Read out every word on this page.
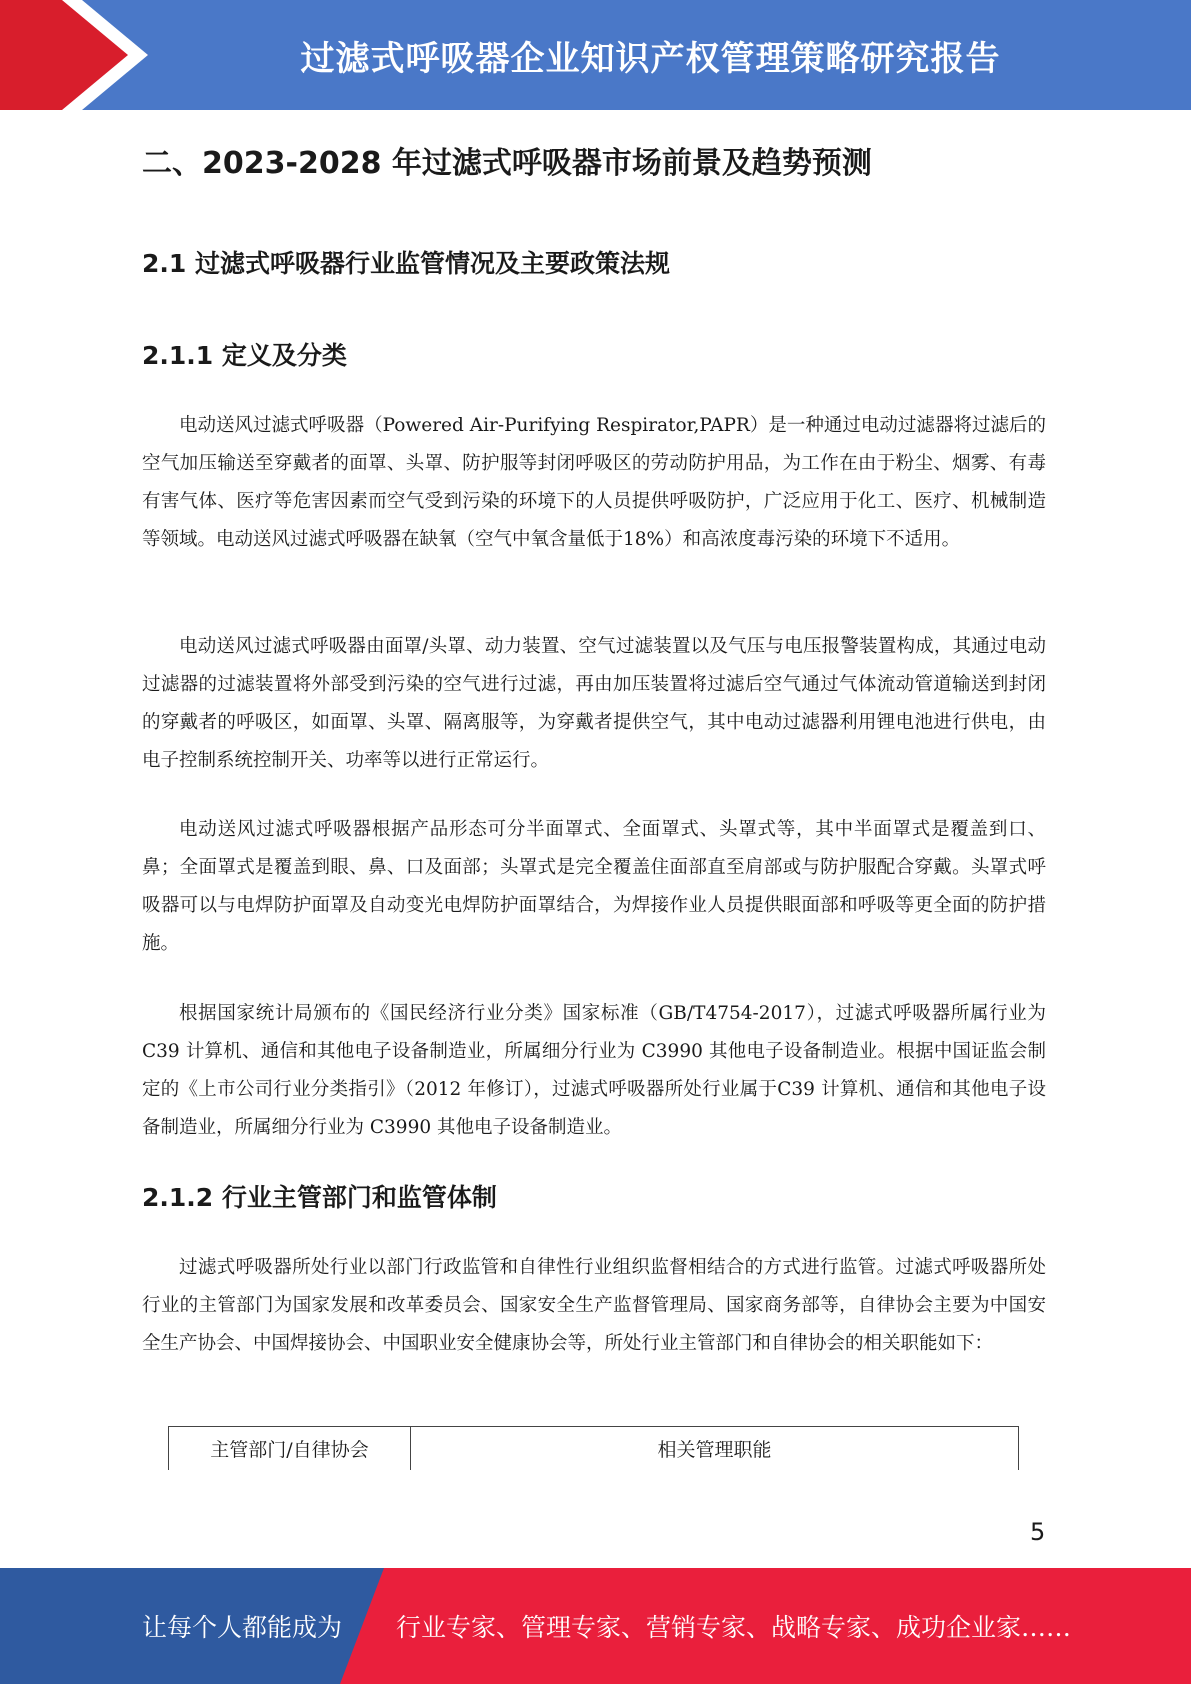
过滤式呼吸器企业知识产权管理策略研究报告
二、2023-2028 年过滤式呼吸器市场前景及趋势预测
2.1 过滤式呼吸器行业监管情况及主要政策法规
2.1.1 定义及分类

电动送风过滤式呼吸器（Powered Air-Purifying Respirator,PAPR）是一种通过电动过滤器将过滤后的空气加压输送至穿戴者的面罩、头罩、防护服等封闭呼吸区的劳动防护用品，为工作在由于粉尘、烟雾、有毒有害气体、医疗等危害因素而空气受到污染的环境下的人员提供呼吸防护，广泛应用于化工、医疗、机械制造等领域。电动送风过滤式呼吸器在缺氧（空气中氧含量低于18%）和高浓度毒污染的环境下不适用。

电动送风过滤式呼吸器由面罩/头罩、动力装置、空气过滤装置以及气压与电压报警装置构成，其通过电动过滤器的过滤装置将外部受到污染的空气进行过滤，再由加压装置将过滤后空气通过气体流动管道输送到封闭的穿戴者的呼吸区，如面罩、头罩、隔离服等，为穿戴者提供空气，其中电动过滤器利用锂电池进行供电，由电子控制系统控制开关、功率等以进行正常运行。

电动送风过滤式呼吸器根据产品形态可分半面罩式、全面罩式、头罩式等，其中半面罩式是覆盖到口、鼻；全面罩式是覆盖到眼、鼻、口及面部；头罩式是完全覆盖住面部直至肩部或与防护服配合穿戴。头罩式呼吸器可以与电焊防护面罩及自动变光电焊防护面罩结合，为焊接作业人员提供眼面部和呼吸等更全面的防护措施。

根据国家统计局颁布的《国民经济行业分类》国家标准（GB/T4754-2017），过滤式呼吸器所属行业为 C39 计算机、通信和其他电子设备制造业，所属细分行业为 C3990 其他电子设备制造业。根据中国证监会制定的《上市公司行业分类指引》（2012 年修订），过滤式呼吸器所处行业属于C39 计算机、通信和其他电子设备制造业，所属细分行业为 C3990 其他电子设备制造业。

2.1.2 行业主管部门和监管体制

过滤式呼吸器所处行业以部门行政监管和自律性行业组织监督相结合的方式进行监管。过滤式呼吸器所处行业的主管部门为国家发展和改革委员会、国家安全生产监督管理局、国家商务部等，自律协会主要为中国安全生产协会、中国焊接协会、中国职业安全健康协会等，所处行业主管部门和自律协会的相关职能如下：

主管部门/自律协会	相关管理职能
5
让每个人都能成为 行业专家、管理专家、营销专家、战略专家、成功企业家……
